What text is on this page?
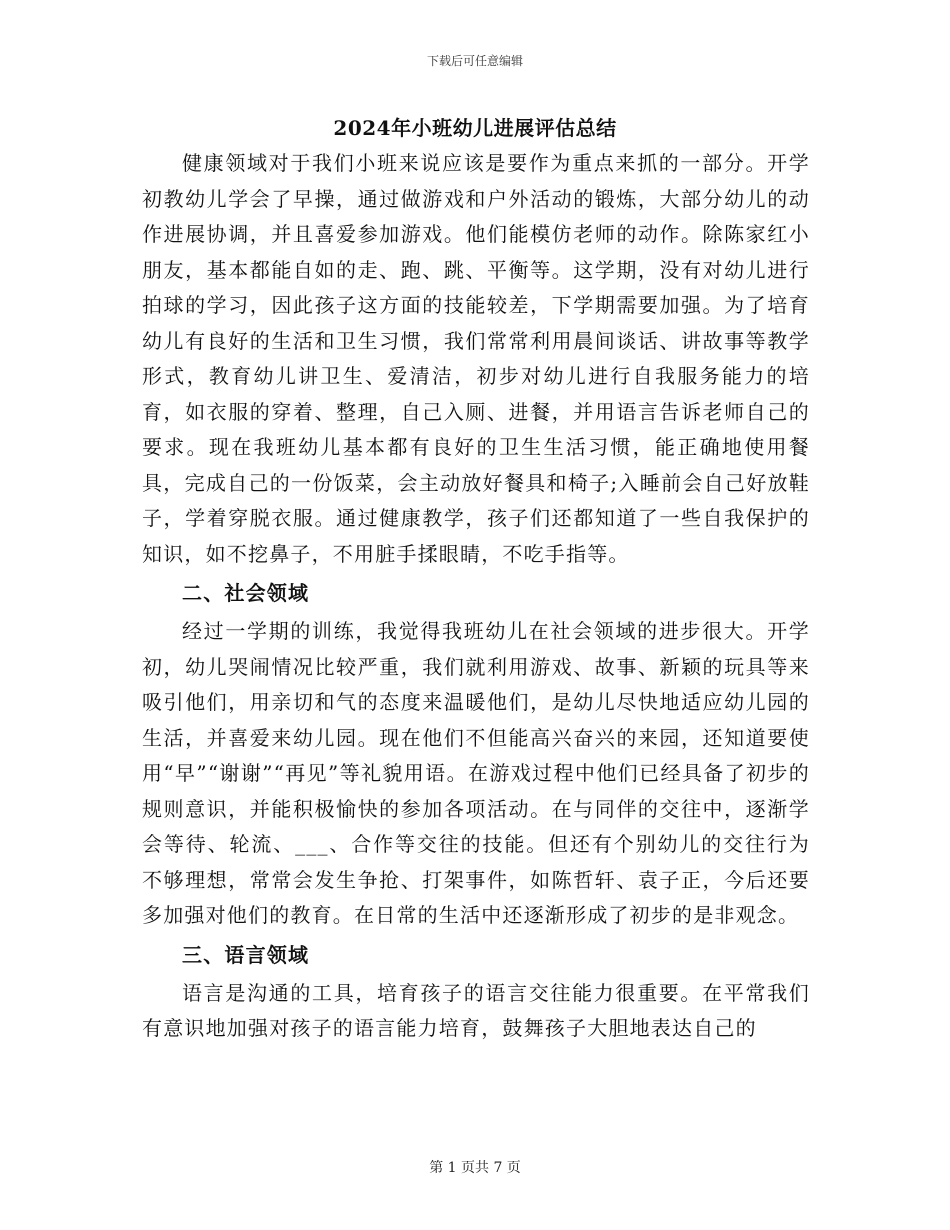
下载后可任意编辑
2024年小班幼儿进展评估总结

健康领域对于我们小班来说应该是要作为重点来抓的一部分。开学初教幼儿学会了早操，通过做游戏和户外活动的锻炼，大部分幼儿的动作进展协调，并且喜爱参加游戏。他们能模仿老师的动作。除陈家红小朋友，基本都能自如的走、跑、跳、平衡等。这学期，没有对幼儿进行拍球的学习，因此孩子这方面的技能较差，下学期需要加强。为了培育幼儿有良好的生活和卫生习惯，我们常常利用晨间谈话、讲故事等教学形式，教育幼儿讲卫生、爱清洁，初步对幼儿进行自我服务能力的培育，如衣服的穿着、整理，自己入厕、进餐，并用语言告诉老师自己的要求。现在我班幼儿基本都有良好的卫生生活习惯，能正确地使用餐具，完成自己的一份饭菜，会主动放好餐具和椅子;入睡前会自己好放鞋子，学着穿脱衣服。通过健康教学，孩子们还都知道了一些自我保护的知识，如不挖鼻子，不用脏手揉眼睛，不吃手指等。

二、社会领域

经过一学期的训练，我觉得我班幼儿在社会领域的进步很大。开学初，幼儿哭闹情况比较严重，我们就利用游戏、故事、新颖的玩具等来吸引他们，用亲切和气的态度来温暖他们，是幼儿尽快地适应幼儿园的生活，并喜爱来幼儿园。现在他们不但能高兴奋兴的来园，还知道要使用“早”“谢谢”“再见”等礼貌用语。在游戏过程中他们已经具备了初步的规则意识，并能积极愉快的参加各项活动。在与同伴的交往中，逐渐学会等待、轮流、___、合作等交往的技能。但还有个别幼儿的交往行为不够理想，常常会发生争抢、打架事件，如陈哲轩、袁子正，今后还要多加强对他们的教育。在日常的生活中还逐渐形成了初步的是非观念。

三、语言领域

语言是沟通的工具，培育孩子的语言交往能力很重要。在平常我们有意识地加强对孩子的语言能力培育，鼓舞孩子大胆地表达自己的

第 1 页共 7 页
